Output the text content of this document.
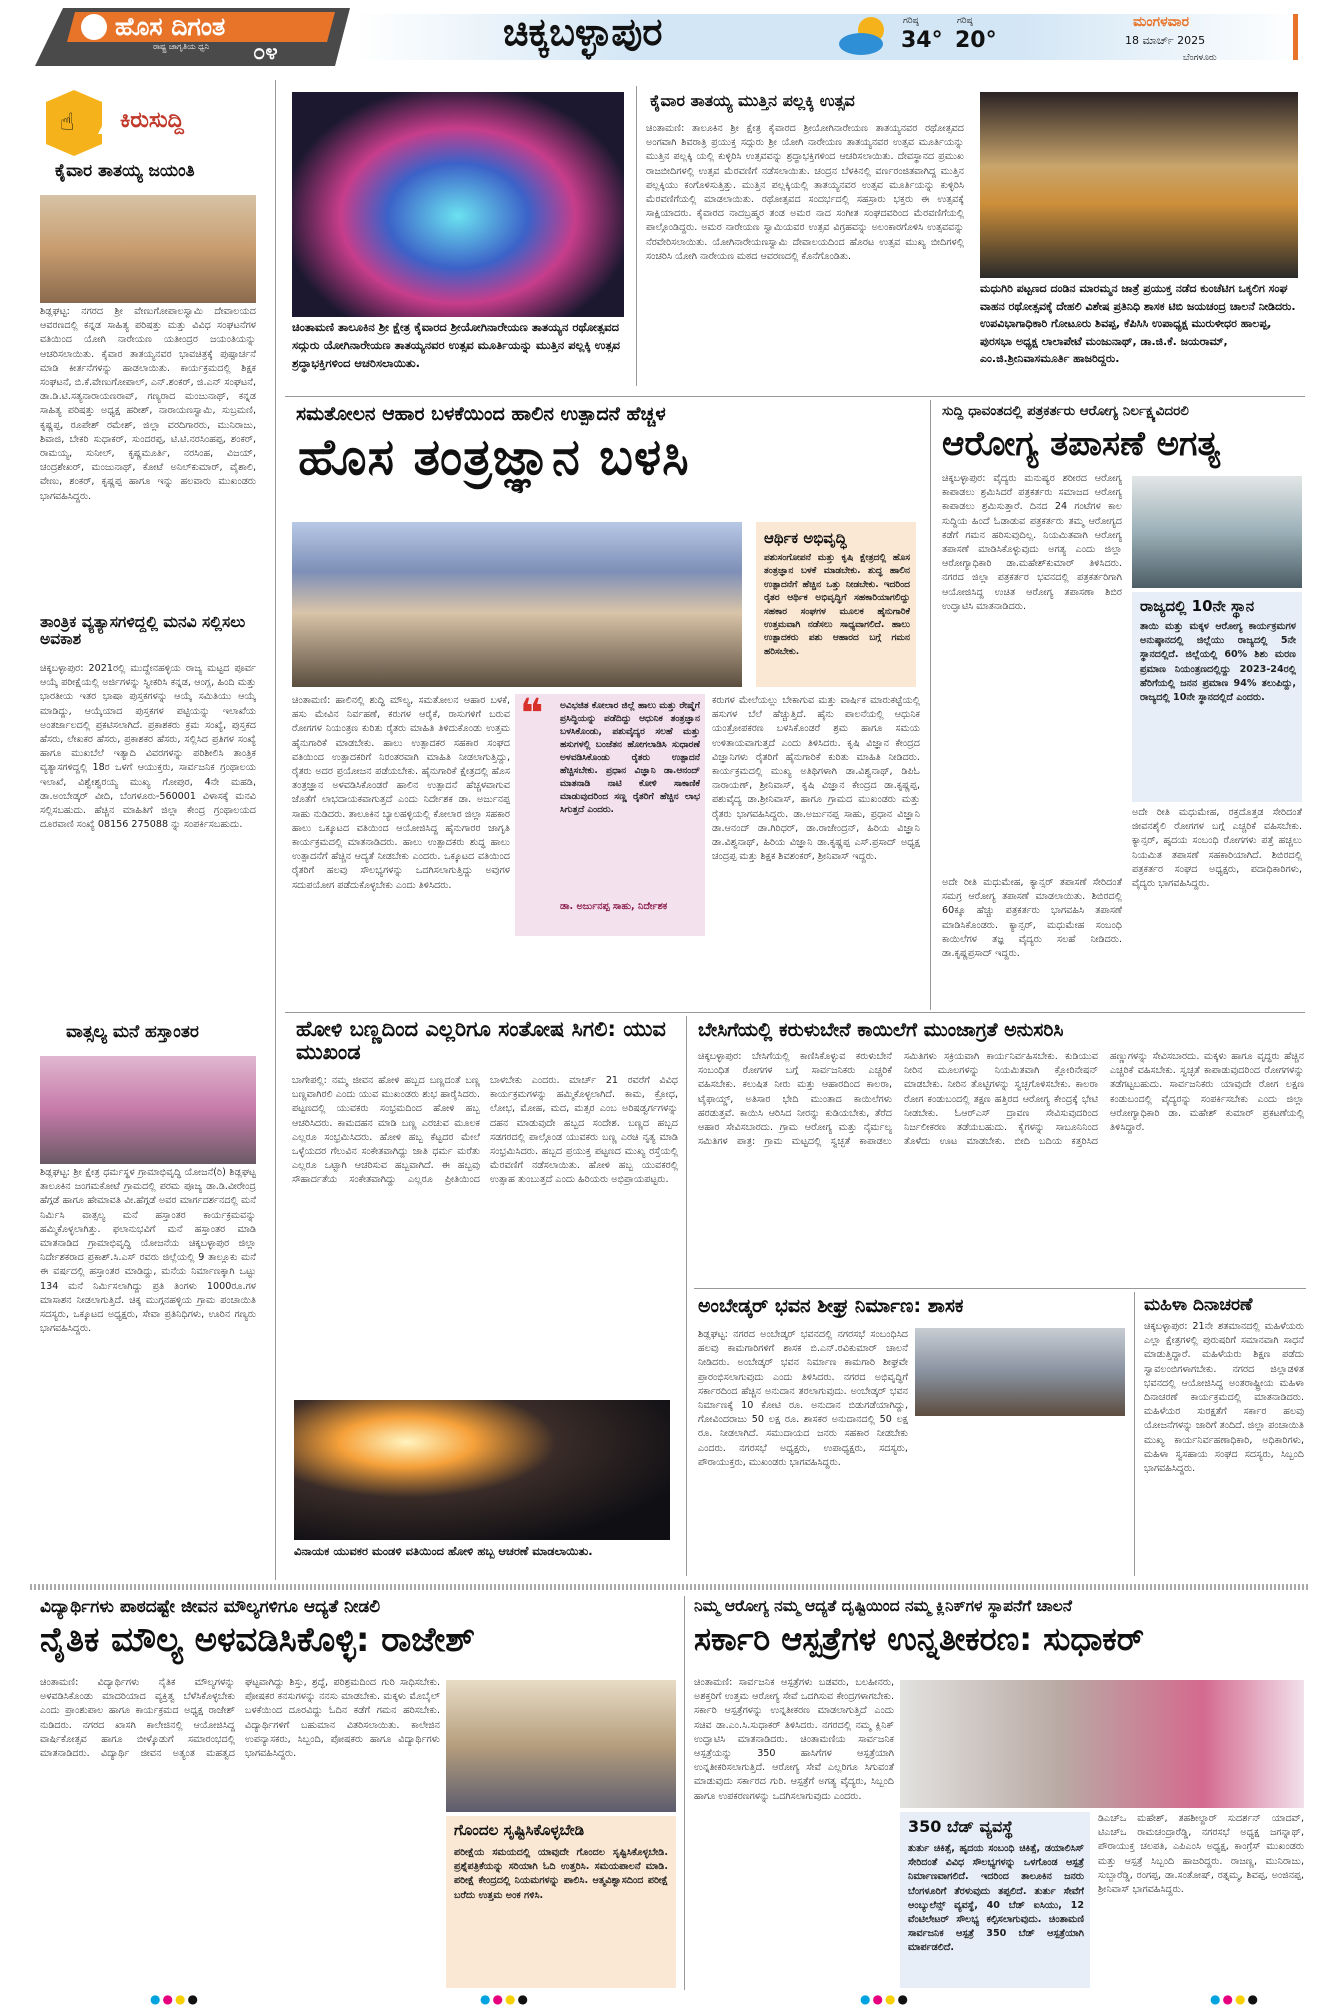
ಹೊಸ ದಿಗಂತ
ರಾಷ್ಟ್ರ ಜಾಗೃತಿಯ ಧ್ವನಿ ೦೪	ಚಿಕ್ಕಬಳ್ಳಾಪುರ	ಗರಿಷ್ಠ
34°
ಗರಿಷ್ಠ
20°
ಮಂಗಳವಾರ
18 ಮಾರ್ಚ್ 2025
ಬೆಂಗಳೂರು
☝ ಕಿರುಸುದ್ದಿ
ಕೈವಾರ ತಾತಯ್ಯ ಜಯಂತಿ
ಶಿಡ್ಲಘಟ್ಟ: ನಗರದ ಶ್ರೀ ವೇಣುಗೋಪಾಲಸ್ವಾಮಿ ದೇವಾಲಯದ ಆವರಣದಲ್ಲಿ ಕನ್ನಡ ಸಾಹಿತ್ಯ ಪರಿಷತ್ತು ಮತ್ತು ವಿವಿಧ ಸಂಘಟನೆಗಳ ವತಿಯಿಂದ ಯೋಗಿ ನಾರೇಯಣ ಯತೀಂದ್ರರ ಜಯಂತಿಯನ್ನು ಆಚರಿಸಲಾಯಿತು. ಕೈವಾರ ತಾತಯ್ಯನವರ ಭಾವಚಿತ್ರಕ್ಕೆ ಪುಷ್ಪಾರ್ಚನೆ ಮಾಡಿ ಕೀರ್ತನೆಗಳನ್ನು ಹಾಡಲಾಯಿತು. ಕಾರ್ಯಕ್ರಮದಲ್ಲಿ ಶಿಕ್ಷಕ ಸಂಘಟನೆ, ಬಿ.ಕೆ.ವೇಣುಗೋಪಾಲ್, ಎನ್.ಶಂಕರ್, ಜಿ.ಎನ್ ಸಂಘಟನೆ, ಡಾ.ಡಿ.ಟಿ.ಸತ್ಯನಾರಾಯಣರಾವ್, ಗಣ್ಯರಾದ ಮಂಜುನಾಥ್, ಕನ್ನಡ ಸಾಹಿತ್ಯ ಪರಿಷತ್ತು ಅಧ್ಯಕ್ಷ ಹರೀಶ್, ನಾರಾಯಣಸ್ವಾಮಿ, ಸುಬ್ರಮಣಿ, ಕೃಷ್ಣಪ್ಪ, ರೂಪೇಶ್ ರಮೇಶ್, ಜಿಲ್ಲಾ ವರದಿಗಾರರು, ಮುನಿರಾಜು, ಶಿವಾಜಿ, ಬೇಕರಿ ಸುಧಾಕರ್, ಸುಂದರಪ್ಪ, ಟಿ.ಟಿ.ನರಸಿಂಹಪ್ಪ, ಶಂಕರ್, ರಾಮಯ್ಯ, ಸುನೀಲ್, ಕೃಷ್ಣಮೂರ್ತಿ, ನರಸಿಂಹ, ವಿಜಯ್, ಚಂದ್ರಶೇಖರ್, ಮಂಜುನಾಥ್, ಕೋಟೆ ಅನಿಲ್‌ಕುಮಾರ್, ವೈಶಾಲಿ, ವೇಣು, ಶಂಕರ್, ಕೃಷ್ಣಪ್ಪ ಹಾಗೂ ಇನ್ನು ಹಲವಾರು ಮುಖಂಡರು ಭಾಗವಹಿಸಿದ್ದರು.
ತಾಂತ್ರಿಕ ವ್ಯತ್ಯಾಸಗಳಿದ್ದಲ್ಲಿ ಮನವಿ ಸಲ್ಲಿಸಲು ಅವಕಾಶ
ಚಿಕ್ಕಬಳ್ಳಾಪುರ: 2021ರಲ್ಲಿ ಮುದ್ದೇನಹಳ್ಳಿಯ ರಾಜ್ಯ ಮಟ್ಟದ ಪೂರ್ವ ಆಯ್ಕೆ ಪರೀಕ್ಷೆಯಲ್ಲಿ ಅರ್ಜಿಗಳನ್ನು ಸ್ವೀಕರಿಸಿ ಕನ್ನಡ, ಆಂಗ್ಲ, ಹಿಂದಿ ಮತ್ತು ಭಾರತೀಯ ಇತರ ಭಾಷಾ ಪುಸ್ತಕಗಳನ್ನು ಆಯ್ಕೆ ಸಮಿತಿಯು ಆಯ್ಕೆ ಮಾಡಿದ್ದು, ಆಯ್ಕೆಯಾದ ಪುಸ್ತಕಗಳ ಪಟ್ಟಿಯನ್ನು ಇಲಾಖೆಯ ಅಂತರ್ಜಾಲದಲ್ಲಿ ಪ್ರಕಟಿಸಲಾಗಿದೆ. ಪ್ರಕಾಶಕರು ಕ್ರಮ ಸಂಖ್ಯೆ, ಪುಸ್ತಕದ ಹೆಸರು, ಲೇಖಕರ ಹೆಸರು, ಪ್ರಕಾಶಕರ ಹೆಸರು, ಸಲ್ಲಿಸಿದ ಪ್ರತಿಗಳ ಸಂಖ್ಯೆ ಹಾಗೂ ಮುಖಬೆಲೆ ಇತ್ಯಾದಿ ವಿವರಗಳನ್ನು ಪರಿಶೀಲಿಸಿ ತಾಂತ್ರಿಕ ವ್ಯತ್ಯಾಸಗಳಿದ್ದಲ್ಲಿ 18ರ ಒಳಗೆ ಆಯುಕ್ತರು, ಸಾರ್ವಜನಿಕ ಗ್ರಂಥಾಲಯ ಇಲಾಖೆ, ವಿಶ್ವೇಶ್ವರಯ್ಯ ಮುಖ್ಯ ಗೋಪುರ, 4ನೇ ಮಹಡಿ, ಡಾ.ಅಂಬೇಡ್ಕರ್ ವೀದಿ, ಬೆಂಗಳೂರು-560001 ವಿಳಾಸಕ್ಕೆ ಮನವಿ ಸಲ್ಲಿಸಬಹುದು. ಹೆಚ್ಚಿನ ಮಾಹಿತಿಗೆ ಜಿಲ್ಲಾ ಕೇಂದ್ರ ಗ್ರಂಥಾಲಯದ ದೂರವಾಣಿ ಸಂಖ್ಯೆ 08156 275088 ನ್ನು ಸಂಪರ್ಕಿಸಬಹುದು.
ವಾತ್ಸಲ್ಯ ಮನೆ ಹಸ್ತಾಂತರ
ಶಿಡ್ಲಘಟ್ಟ: ಶ್ರೀ ಕ್ಷೇತ್ರ ಧರ್ಮಸ್ಥಳ ಗ್ರಾಮಾಭಿವೃದ್ಧಿ ಯೋಜನೆ(ರಿ) ಶಿಡ್ಲಘಟ್ಟ ತಾಲೂಕಿನ ಜಂಗಮಕೋಟೆ ಗ್ರಾಮದಲ್ಲಿ ಪರಮ ಪೂಜ್ಯ ಡಾ.ಡಿ.ವೀರೇಂದ್ರ ಹೆಗ್ಗಡೆ ಹಾಗೂ ಹೇಮಾವತಿ ವೀ.ಹೆಗ್ಗಡೆ ಅವರ ಮಾರ್ಗದರ್ಶನದಲ್ಲಿ ಮನೆ ನಿರ್ಮಿಸಿ ವಾತ್ಸಲ್ಯ ಮನೆ ಹಸ್ತಾಂತರ ಕಾರ್ಯಕ್ರಮವನ್ನು ಹಮ್ಮಿಕೊಳ್ಳಲಾಗಿತ್ತು. ಫಲಾನುಭವಿಗೆ ಮನೆ ಹಸ್ತಾಂತರ ಮಾಡಿ ಮಾತನಾಡಿದ ಗ್ರಾಮಾಭಿವೃದ್ಧಿ ಯೋಜನೆಯ ಚಿಕ್ಕಬಳ್ಳಾಪುರ ಜಿಲ್ಲಾ ನಿರ್ದೇಶಕರಾದ ಪ್ರಕಾಶ್.ಸಿ.ಎಸ್ ರವರು ಜಿಲ್ಲೆಯಲ್ಲಿ 9 ತಾಲ್ಲೂಕು ಮನೆ ಈ ವರ್ಷದಲ್ಲಿ ಹಸ್ತಾಂತರ ಮಾಡಿದ್ದು, ಮನೆಯ ನಿರ್ಮಾಣಕ್ಕಾಗಿ ಒಟ್ಟು 134 ಮನೆ ನಿರ್ಮಿಸಲಾಗಿದ್ದು ಪ್ರತಿ ತಿಂಗಳು 1000ರೂ.ಗಳ ಮಾಸಾಶನ ನೀಡಲಾಗುತ್ತಿದೆ. ಚಿಕ್ಕ ಮುಗ್ಗನಹಳ್ಳಿಯ ಗ್ರಾಮ ಪಂಚಾಯಿತಿ ಸದಸ್ಯರು, ಒಕ್ಕೂಟದ ಅಧ್ಯಕ್ಷರು, ಸೇವಾ ಪ್ರತಿನಿಧಿಗಳು, ಊರಿನ ಗಣ್ಯರು ಭಾಗವಹಿಸಿದ್ದರು.
ಚಿಂತಾಮಣಿ ತಾಲೂಕಿನ ಶ್ರೀ ಕ್ಷೇತ್ರ ಕೈವಾರದ ಶ್ರೀಯೋಗಿನಾರೇಯಣ ತಾತಯ್ಯನ ರಥೋತ್ಸವದ ಸದ್ಗುರು ಯೋಗಿನಾರೇಯಣ ತಾತಯ್ಯನವರ ಉತ್ಸವ ಮೂರ್ತಿಯನ್ನು ಮುತ್ತಿನ ಪಲ್ಲಕ್ಕಿ ಉತ್ಸವ ಶ್ರದ್ಧಾಭಕ್ತಿಗಳಿಂದ ಆಚರಿಸಲಾಯಿತು.
ಕೈವಾರ ತಾತಯ್ಯ ಮುತ್ತಿನ ಪಲ್ಲಕ್ಕಿ ಉತ್ಸವ
ಚಿಂತಾಮಣಿ: ತಾಲೂಕಿನ ಶ್ರೀ ಕ್ಷೇತ್ರ ಕೈವಾರದ ಶ್ರೀಯೋಗಿನಾರೇಯಣ ತಾತಯ್ಯನವರ ರಥೋತ್ಸವದ ಅಂಗವಾಗಿ ಶಿವರಾತ್ರಿ ಪ್ರಯುಕ್ತ ಸದ್ಗುರು ಶ್ರೀ ಯೋಗಿ ನಾರೇಯಣ ತಾತಯ್ಯನವರ ಉತ್ಸವ ಮೂರ್ತಿಯನ್ನು ಮುತ್ತಿನ ಪಲ್ಲಕ್ಕಿ ಯಲ್ಲಿ ಕುಳ್ಳಿರಿಸಿ ಉತ್ಸವವನ್ನು ಶ್ರದ್ಧಾಭಕ್ತಿಗಳಿಂದ ಆಚರಿಸಲಾಯಿತು. ದೇವಸ್ಥಾನದ ಪ್ರಮುಖ ರಾಜಬೀದಿಗಳಲ್ಲಿ ಉತ್ಸವ ಮೆರವಣಿಗೆ ನಡೆಸಲಾಯಿತು. ಚಂದ್ರನ ಬೆಳಕಿನಲ್ಲಿ ವರ್ಣರಂಜಿತವಾಗಿದ್ದ ಮುತ್ತಿನ ಪಲ್ಲಕ್ಕಿಯು ಕಂಗೊಳಿಸುತ್ತಿತ್ತು. ಮುತ್ತಿನ ಪಲ್ಲಕ್ಕಿಯಲ್ಲಿ ತಾತಯ್ಯನವರ ಉತ್ಸವ ಮೂರ್ತಿಯನ್ನು ಕುಳ್ಳಿರಿಸಿ ಮೆರವಣಿಗೆಯಲ್ಲಿ ಮಾಡಲಾಯಿತು. ರಥೋತ್ಸವದ ಸಂದರ್ಭದಲ್ಲಿ ಸಹಸ್ರಾರು ಭಕ್ತರು ಈ ಉತ್ಸವಕ್ಕೆ ಸಾಕ್ಷಿಯಾದರು. ಕೈವಾರದ ನಾದಬ್ರಹ್ಮರ ತಂಡ ಅಮರ ನಾದ ಸಂಗೀತ ಸಂಘದವರಿಂದ ಮೆರವಣಿಗೆಯಲ್ಲಿ ಪಾಲ್ಗೊಂಡಿದ್ದರು. ಅಮರ ನಾರೇಯಣ ಸ್ವಾಮಿಯವರ ಉತ್ಸವ ವಿಗ್ರಹವನ್ನು ಅಲಂಕಾರಗೊಳಿಸಿ ಉತ್ಸವವನ್ನು ನೆರವೇರಿಸಲಾಯಿತು. ಯೋಗಿನಾರೇಯಣಸ್ವಾಮಿ ದೇವಾಲಯದಿಂದ ಹೊರಟ ಉತ್ಸವ ಮುಖ್ಯ ಬೀದಿಗಳಲ್ಲಿ ಸಂಚರಿಸಿ ಯೋಗಿ ನಾರೇಯಣ ಮಠದ ಆವರಣದಲ್ಲಿ ಕೊನೆಗೊಂಡಿತು.
ಮಧುಗಿರಿ ಪಟ್ಟಣದ ದಂಡಿನ ಮಾರಮ್ಮನ ಜಾತ್ರೆ ಪ್ರಯುಕ್ತ ನಡೆದ ಕುಂಚೆಟಿಗ ಒಕ್ಕಲಿಗ ಸಂಘ ವಾಹನ ರಥೋತ್ಸವಕ್ಕೆ ದೇಹಲಿ ವಿಶೇಷ ಪ್ರತಿನಿಧಿ ಶಾಸಕ ಟಿಬಿ ಜಯಚಂದ್ರ ಚಾಲನೆ ನೀಡಿದರು. ಉಪವಿಭಾಗಾಧಿಕಾರಿ ಗೋಟೂರು ಶಿವಪ್ಪ, ಕೆಪಿಸಿಸಿ ಉಪಾಧ್ಯಕ್ಷ ಮುರುಳೀಧರ ಹಾಲಪ್ಪ, ಪುರಸಭಾ ಅಧ್ಯಕ್ಷ ಲಾಲಾಪೇಟೆ ಮಂಜುನಾಥ್, ಡಾ.ಜಿ.ಕೆ. ಜಯರಾಮ್, ಎಂ.ಜಿ.ಶ್ರೀನಿವಾಸಮೂರ್ತಿ ಹಾಜರಿದ್ದರು.
ಸಮತೋಲನ ಆಹಾರ ಬಳಕೆಯಿಂದ ಹಾಲಿನ ಉತ್ಪಾದನೆ ಹೆಚ್ಚಳ
ಹೊಸ ತಂತ್ರಜ್ಞಾನ ಬಳಸಿ
ಆರ್ಥಿಕ ಅಭಿವೃದ್ಧಿ
ಪಶುಸಂಗೋಪನೆ ಮತ್ತು ಕೃಷಿ ಕ್ಷೇತ್ರದಲ್ಲಿ ಹೊಸ ತಂತ್ರಜ್ಞಾನ ಬಳಕೆ ಮಾಡಬೇಕು. ಶುದ್ಧ ಹಾಲಿನ ಉತ್ಪಾದನೆಗೆ ಹೆಚ್ಚಿನ ಒತ್ತು ನೀಡಬೇಕು. ಇದರಿಂದ ರೈತರ ಆರ್ಥಿಕ ಅಭಿವೃದ್ಧಿಗೆ ಸಹಕಾರಿಯಾಗಲಿದ್ದು ಸಹಕಾರ ಸಂಘಗಳ ಮೂಲಕ ಹೈನುಗಾರಿಕೆ ಉತ್ತಮವಾಗಿ ನಡೆಸಲು ಸಾಧ್ಯವಾಗಲಿದೆ. ಹಾಲು ಉತ್ಪಾದಕರು ಪಶು ಆಹಾರದ ಬಗ್ಗೆ ಗಮನ ಹರಿಸಬೇಕು.
ಚಿಂತಾಮಣಿ: ಹಾಲಿನಲ್ಲಿ ಶುದ್ಧಿ ಮೌಲ್ಯ, ಸಮತೋಲನ ಆಹಾರ ಬಳಕೆ, ಹಸು ಮೇವಿನ ನಿರ್ವಹಣೆ, ಕರುಗಳ ಆರೈಕೆ, ರಾಸುಗಳಿಗೆ ಬರುವ ರೋಗಗಳ ನಿಯಂತ್ರಣ ಕುರಿತು ರೈತರು ಮಾಹಿತಿ ತಿಳಿದುಕೊಂಡು ಉತ್ತಮ ಹೈನುಗಾರಿಕೆ ಮಾಡಬೇಕು. ಹಾಲು ಉತ್ಪಾದಕರ ಸಹಕಾರ ಸಂಘದ ವತಿಯಿಂದ ಉತ್ಪಾದಕರಿಗೆ ನಿರಂತರವಾಗಿ ಮಾಹಿತಿ ನೀಡಲಾಗುತ್ತಿದ್ದು, ರೈತರು ಅದರ ಪ್ರಯೋಜನ ಪಡೆಯಬೇಕು. ಹೈನುಗಾರಿಕೆ ಕ್ಷೇತ್ರದಲ್ಲಿ ಹೊಸ ತಂತ್ರಜ್ಞಾನ ಅಳವಡಿಸಿಕೊಂಡರೆ ಹಾಲಿನ ಉತ್ಪಾದನೆ ಹೆಚ್ಚಳವಾಗುವ ಜೊತೆಗೆ ಲಾಭದಾಯಕವಾಗುತ್ತದೆ ಎಂದು ನಿರ್ದೇಶಕ ಡಾ. ಅರ್ಜುನಪ್ಪ ಸಾಹು ನುಡಿದರು. ತಾಲೂಕಿನ ಬ್ಯಾಲಹಳ್ಳಿಯಲ್ಲಿ ಕೋಲಾರ ಜಿಲ್ಲಾ ಸಹಕಾರ ಹಾಲು ಒಕ್ಕೂಟದ ವತಿಯಿಂದ ಆಯೋಜಿಸಿದ್ದ ಹೈನುಗಾರರ ಜಾಗೃತಿ ಕಾರ್ಯಕ್ರಮದಲ್ಲಿ ಮಾತನಾಡಿದರು. ಹಾಲು ಉತ್ಪಾದಕರು ಶುದ್ಧ ಹಾಲು ಉತ್ಪಾದನೆಗೆ ಹೆಚ್ಚಿನ ಆದ್ಯತೆ ನೀಡಬೇಕು ಎಂದರು. ಒಕ್ಕೂಟದ ವತಿಯಿಂದ ರೈತರಿಗೆ ಹಲವು ಸೌಲಭ್ಯಗಳನ್ನು ಒದಗಿಸಲಾಗುತ್ತಿದ್ದು ಅವುಗಳ ಸದುಪಯೋಗ ಪಡೆದುಕೊಳ್ಳಬೇಕು ಎಂದು ತಿಳಿಸಿದರು.
❝ ಅವಿಭಜಿತ ಕೋಲಾರ ಜಿಲ್ಲೆ ಹಾಲು ಮತ್ತು ರೇಷ್ಮೆಗೆ ಪ್ರಸಿದ್ಧಿಯನ್ನು ಪಡೆದಿದ್ದು ಆಧುನಿಕ ತಂತ್ರಜ್ಞಾನ ಬಳಸಿಕೊಂಡು, ಪಶುವೈದ್ಯರ ಸಲಹೆ ಮತ್ತು ಹಸುಗಳಲ್ಲಿ ಬಂಜೆತನ ಹೋಗಲಾಡಿಸಿ ಸುಧಾರಣೆ ಅಳವಡಿಸಿಕೊಂಡು ರೈತರು ಉತ್ಪಾದನೆ ಹೆಚ್ಚಿಸಬೇಕು. ಪ್ರಧಾನ ವಿಜ್ಞಾನಿ ಡಾ.ಆನಂದ್ ಮಾತನಾಡಿ ನಾಟಿ ಕೋಳಿ ಸಾಕಾಣಿಕೆ ಮಾಡುವುದರಿಂದ ಸಣ್ಣ ರೈತರಿಗೆ ಹೆಚ್ಚಿನ ಲಾಭ ಸಿಗುತ್ತದೆ ಎಂದರು.
ಡಾ. ಅರ್ಜುನಪ್ಪ ಸಾಹು, ನಿರ್ದೇಶಕ
ಕರುಗಳ ಮೇಲೆಯಲ್ಲು ಬೇಕಾಗುವ ಮತ್ತು ವಾರ್ಷಿಕ ಮಾರುಕಟ್ಟೆಯಲ್ಲಿ ಹಸುಗಳ ಬೆಲೆ ಹೆಚ್ಚುತ್ತಿದೆ. ಹೈನು ಪಾಲನೆಯಲ್ಲಿ ಆಧುನಿಕ ಯಂತ್ರೋಪಕರಣ ಬಳಸಿಕೊಂಡರೆ ಶ್ರಮ ಹಾಗೂ ಸಮಯ ಉಳಿತಾಯವಾಗುತ್ತದೆ ಎಂದು ತಿಳಿಸಿದರು. ಕೃಷಿ ವಿಜ್ಞಾನ ಕೇಂದ್ರದ ವಿಜ್ಞಾನಿಗಳು ರೈತರಿಗೆ ಹೈನುಗಾರಿಕೆ ಕುರಿತು ಮಾಹಿತಿ ನೀಡಿದರು. ಕಾರ್ಯಕ್ರಮದಲ್ಲಿ ಮುಖ್ಯ ಅತಿಥಿಗಳಾಗಿ ಡಾ.ವಿಶ್ವನಾಥ್, ಡಿಪಿಓ ನಾರಾಯಣ್, ಶ್ರೀನಿವಾಸ್, ಕೃಷಿ ವಿಜ್ಞಾನ ಕೇಂದ್ರದ ಡಾ.ಕೃಷ್ಣಪ್ಪ, ಪಶುವೈದ್ಯ ಡಾ.ಶ್ರೀನಿವಾಸ್, ಹಾಗೂ ಗ್ರಾಮದ ಮುಖಂಡರು ಮತ್ತು ರೈತರು ಭಾಗವಹಿಸಿದ್ದರು. ಡಾ.ಅರ್ಜುನಪ್ಪ ಸಾಹು, ಪ್ರಧಾನ ವಿಜ್ಞಾನಿ ಡಾ.ಆನಂದ್ ಡಾ.ಗಿರಿಧರ್, ಡಾ.ರಾಜೇಂದ್ರನ್, ಹಿರಿಯ ವಿಜ್ಞಾನಿ ಡಾ.ವಿಶ್ವನಾಥ್, ಹಿರಿಯ ವಿಜ್ಞಾನಿ ಡಾ.ಕೃಷ್ಣಪ್ಪ ಎಸ್.ಪ್ರಸಾದ್ ಅಧ್ಯಕ್ಷ ಚಂದ್ರಪ್ಪ ಮತ್ತು ಶಿಕ್ಷಕ ಶಿವಶಂಕರ್, ಶ್ರೀನಿವಾಸ್ ಇದ್ದರು.
ಸುದ್ದಿ ಧಾವಂತದಲ್ಲಿ ಪತ್ರಕರ್ತರು ಆರೋಗ್ಯ ನಿರ್ಲಕ್ಷ್ಯವಿದರಲಿ
ಆರೋಗ್ಯ ತಪಾಸಣೆ ಅಗತ್ಯ
ಚಿಕ್ಕಬಳ್ಳಾಪುರ: ವೈದ್ಯರು ಮನುಷ್ಯರ ಶರೀರದ ಆರೋಗ್ಯ ಕಾಪಾಡಲು ಶ್ರಮಿಸಿದರೆ ಪತ್ರಕರ್ತರು ಸಮಾಜದ ಆರೋಗ್ಯ ಕಾಪಾಡಲು ಶ್ರಮಿಸುತ್ತಾರೆ. ದಿನದ 24 ಗಂಟೆಗಳ ಕಾಲ ಸುದ್ದಿಯ ಹಿಂದೆ ಓಡಾಡುವ ಪತ್ರಕರ್ತರು ತಮ್ಮ ಆರೋಗ್ಯದ ಕಡೆಗೆ ಗಮನ ಹರಿಸುವುದಿಲ್ಲ. ನಿಯಮಿತವಾಗಿ ಆರೋಗ್ಯ ತಪಾಸಣೆ ಮಾಡಿಸಿಕೊಳ್ಳುವುದು ಅಗತ್ಯ ಎಂದು ಜಿಲ್ಲಾ ಆರೋಗ್ಯಾಧಿಕಾರಿ ಡಾ.ಮಹೇಶ್‌ಕುಮಾರ್ ತಿಳಿಸಿದರು. ನಗರದ ಜಿಲ್ಲಾ ಪತ್ರಕರ್ತರ ಭವನದಲ್ಲಿ ಪತ್ರಕರ್ತರಿಗಾಗಿ ಆಯೋಜಿಸಿದ್ದ ಉಚಿತ ಆರೋಗ್ಯ ತಪಾಸಣಾ ಶಿಬಿರ ಉದ್ಘಾಟಿಸಿ ಮಾತನಾಡಿದರು.	ರಾಜ್ಯದಲ್ಲಿ 10ನೇ ಸ್ಥಾನ
ತಾಯಿ ಮತ್ತು ಮಕ್ಕಳ ಆರೋಗ್ಯ ಕಾರ್ಯಕ್ರಮಗಳ ಅನುಷ್ಠಾನದಲ್ಲಿ ಜಿಲ್ಲೆಯು ರಾಜ್ಯದಲ್ಲಿ 5ನೇ ಸ್ಥಾನದಲ್ಲಿದೆ. ಜಿಲ್ಲೆಯಲ್ಲಿ 60% ಶಿಶು ಮರಣ ಪ್ರಮಾಣ ನಿಯಂತ್ರಣದಲ್ಲಿದ್ದು 2023-24ರಲ್ಲಿ ಹೆರಿಗೆಯಲ್ಲಿ ಜನನ ಪ್ರಮಾಣ 94% ತಲುಪಿದ್ದು, ರಾಜ್ಯದಲ್ಲಿ 10ನೇ ಸ್ಥಾನದಲ್ಲಿದೆ ಎಂದರು.
ಅದೇ ರೀತಿ ಮಧುಮೇಹ, ರಕ್ತದೊತ್ತಡ ಸೇರಿದಂತೆ ಜೀವನಶೈಲಿ ರೋಗಗಳ ಬಗ್ಗೆ ಎಚ್ಚರಿಕೆ ವಹಿಸಬೇಕು. ಕ್ಯಾನ್ಸರ್, ಹೃದಯ ಸಂಬಂಧಿ ರೋಗಗಳು ಪತ್ತೆ ಹಚ್ಚಲು ನಿಯಮಿತ ತಪಾಸಣೆ ಸಹಕಾರಿಯಾಗಿದೆ. ಶಿಬಿರದಲ್ಲಿ ಪತ್ರಕರ್ತರ ಸಂಘದ ಅಧ್ಯಕ್ಷರು, ಪದಾಧಿಕಾರಿಗಳು, ವೈದ್ಯರು ಭಾಗವಹಿಸಿದ್ದರು.
ಅದೇ ರೀತಿ ಮಧುಮೇಹ, ಕ್ಯಾನ್ಸರ್ ತಪಾಸಣೆ ಸೇರಿದಂತೆ ಸಮಗ್ರ ಆರೋಗ್ಯ ತಪಾಸಣೆ ಮಾಡಲಾಯಿತು. ಶಿಬಿರದಲ್ಲಿ 60ಕ್ಕೂ ಹೆಚ್ಚು ಪತ್ರಕರ್ತರು ಭಾಗವಹಿಸಿ ತಪಾಸಣೆ ಮಾಡಿಸಿಕೊಂಡರು. ಕ್ಯಾನ್ಸರ್, ಮಧುಮೇಹ ಸಂಬಂಧಿ ಕಾಯಿಲೆಗಳ ತಜ್ಞ ವೈದ್ಯರು ಸಲಹೆ ನೀಡಿದರು. ಡಾ.ಕೃಷ್ಣಪ್ರಸಾದ್ ಇದ್ದರು.
ಹೋಳಿ ಬಣ್ಣದಿಂದ ಎಲ್ಲರಿಗೂ ಸಂತೋಷ ಸಿಗಲಿ: ಯುವ ಮುಖಂಡ
ಬಾಗೇಪಲ್ಲಿ: ನಮ್ಮ ಜೀವನ ಹೋಳಿ ಹಬ್ಬದ ಬಣ್ಣದಂತೆ ಬಣ್ಣ ಬಣ್ಣವಾಗಿರಲಿ ಎಂದು ಯುವ ಮುಖಂಡರು ಶುಭ ಹಾರೈಸಿದರು. ಪಟ್ಟಣದಲ್ಲಿ ಯುವಕರು ಸಂಭ್ರಮದಿಂದ ಹೋಳಿ ಹಬ್ಬ ಆಚರಿಸಿದರು. ಕಾಮದಹನ ಮಾಡಿ ಬಣ್ಣ ಎರಚುವ ಮೂಲಕ ಎಲ್ಲರೂ ಸಂಭ್ರಮಿಸಿದರು. ಹೋಳಿ ಹಬ್ಬ ಕೆಟ್ಟದರ ಮೇಲೆ ಒಳ್ಳೆಯದರ ಗೆಲುವಿನ ಸಂಕೇತವಾಗಿದ್ದು ಜಾತಿ ಧರ್ಮ ಮರೆತು ಎಲ್ಲರೂ ಒಟ್ಟಾಗಿ ಆಚರಿಸುವ ಹಬ್ಬವಾಗಿದೆ. ಈ ಹಬ್ಬವು ಸೌಹಾರ್ದತೆಯ ಸಂಕೇತವಾಗಿದ್ದು ಎಲ್ಲರೂ ಪ್ರೀತಿಯಿಂದ ಬಾಳಬೇಕು ಎಂದರು. ಮಾರ್ಚ್ 21 ರವರೆಗೆ ವಿವಿಧ ಕಾರ್ಯಕ್ರಮಗಳನ್ನು ಹಮ್ಮಿಕೊಳ್ಳಲಾಗಿದೆ. ಕಾಮ, ಕ್ರೋಧ, ಲೋಭ, ಮೋಹ, ಮದ, ಮತ್ಸರ ಎಂಬ ಅರಿಷಡ್ವರ್ಗಗಳನ್ನು ದಹನ ಮಾಡುವುದೇ ಹಬ್ಬದ ಸಂದೇಶ. ಬಣ್ಣದ ಹಬ್ಬದ ಸಡಗರದಲ್ಲಿ ಪಾಲ್ಗೊಂಡ ಯುವಕರು ಬಣ್ಣ ಎರಚಿ ನೃತ್ಯ ಮಾಡಿ ಸಂಭ್ರಮಿಸಿದರು. ಹಬ್ಬದ ಪ್ರಯುಕ್ತ ಪಟ್ಟಣದ ಮುಖ್ಯ ರಸ್ತೆಯಲ್ಲಿ ಮೆರವಣಿಗೆ ನಡೆಸಲಾಯಿತು. ಹೋಳಿ ಹಬ್ಬ ಯುವಕರಲ್ಲಿ ಉತ್ಸಾಹ ತುಂಬುತ್ತದೆ ಎಂದು ಹಿರಿಯರು ಅಭಿಪ್ರಾಯಪಟ್ಟರು.
ವಿನಾಯಕ ಯುವಕರ ಮಂಡಳಿ ವತಿಯಿಂದ ಹೋಳಿ ಹಬ್ಬ ಆಚರಣೆ ಮಾಡಲಾಯಿತು.
ಬೇಸಿಗೆಯಲ್ಲಿ ಕರುಳುಬೇನೆ ಕಾಯಿಲೆಗೆ ಮುಂಜಾಗ್ರತೆ ಅನುಸರಿಸಿ
ಚಿಕ್ಕಬಳ್ಳಾಪುರ: ಬೇಸಿಗೆಯಲ್ಲಿ ಕಾಣಿಸಿಕೊಳ್ಳುವ ಕರುಳುಬೇನೆ ಸಂಬಂಧಿತ ರೋಗಗಳ ಬಗ್ಗೆ ಸಾರ್ವಜನಿಕರು ಎಚ್ಚರಿಕೆ ವಹಿಸಬೇಕು. ಕಲುಷಿತ ನೀರು ಮತ್ತು ಆಹಾರದಿಂದ ಕಾಲರಾ, ಟೈಫಾಯ್ಡ್, ಅತಿಸಾರ ಭೇದಿ ಮುಂತಾದ ಕಾಯಿಲೆಗಳು ಹರಡುತ್ತವೆ. ಕಾಯಿಸಿ ಆರಿಸಿದ ನೀರನ್ನು ಕುಡಿಯಬೇಕು, ತೆರೆದ ಆಹಾರ ಸೇವಿಸಬಾರದು. ಗ್ರಾಮ ಆರೋಗ್ಯ ಮತ್ತು ನೈರ್ಮಲ್ಯ ಸಮಿತಿಗಳ ಪಾತ್ರ: ಗ್ರಾಮ ಮಟ್ಟದಲ್ಲಿ ಸ್ವಚ್ಛತೆ ಕಾಪಾಡಲು ಸಮಿತಿಗಳು ಸಕ್ರಿಯವಾಗಿ ಕಾರ್ಯನಿರ್ವಹಿಸಬೇಕು. ಕುಡಿಯುವ ನೀರಿನ ಮೂಲಗಳನ್ನು ನಿಯಮಿತವಾಗಿ ಕ್ಲೋರಿನೇಷನ್ ಮಾಡಬೇಕು. ನೀರಿನ ತೊಟ್ಟಿಗಳನ್ನು ಸ್ವಚ್ಛಗೊಳಿಸಬೇಕು. ಕಾಲರಾ ರೋಗ ಕಂಡುಬಂದಲ್ಲಿ ತಕ್ಷಣ ಹತ್ತಿರದ ಆರೋಗ್ಯ ಕೇಂದ್ರಕ್ಕೆ ಭೇಟಿ ನೀಡಬೇಕು. ಓಆರ್‌ಎಸ್ ದ್ರಾವಣ ಸೇವಿಸುವುದರಿಂದ ನಿರ್ಜಲೀಕರಣ ತಡೆಯಬಹುದು. ಕೈಗಳನ್ನು ಸಾಬೂನಿನಿಂದ ತೊಳೆದು ಊಟ ಮಾಡಬೇಕು. ಬೀದಿ ಬದಿಯ ಕತ್ತರಿಸಿದ ಹಣ್ಣುಗಳನ್ನು ಸೇವಿಸಬಾರದು. ಮಕ್ಕಳು ಹಾಗೂ ವೃದ್ಧರು ಹೆಚ್ಚಿನ ಎಚ್ಚರಿಕೆ ವಹಿಸಬೇಕು. ಸ್ವಚ್ಛತೆ ಕಾಪಾಡುವುದರಿಂದ ರೋಗಗಳನ್ನು ತಡೆಗಟ್ಟಬಹುದು. ಸಾರ್ವಜನಿಕರು ಯಾವುದೇ ರೋಗ ಲಕ್ಷಣ ಕಂಡುಬಂದಲ್ಲಿ ವೈದ್ಯರನ್ನು ಸಂಪರ್ಕಿಸಬೇಕು ಎಂದು ಜಿಲ್ಲಾ ಆರೋಗ್ಯಾಧಿಕಾರಿ ಡಾ. ಮಹೇಶ್ ಕುಮಾರ್ ಪ್ರಕಟಣೆಯಲ್ಲಿ ತಿಳಿಸಿದ್ದಾರೆ.
ಅಂಬೇಡ್ಕರ್ ಭವನ ಶೀಘ್ರ ನಿರ್ಮಾಣ: ಶಾಸಕ
ಶಿಡ್ಲಘಟ್ಟ: ನಗರದ ಅಂಬೇಡ್ಕರ್ ಭವನದಲ್ಲಿ ನಗರಸಭೆ ಸಂಬಂಧಿಸಿದ ಹಲವು ಕಾಮಗಾರಿಗಳಿಗೆ ಶಾಸಕ ಬಿ.ಎನ್.ರವಿಕುಮಾರ್ ಚಾಲನೆ ನೀಡಿದರು. ಅಂಬೇಡ್ಕರ್ ಭವನ ನಿರ್ಮಾಣ ಕಾಮಗಾರಿ ಶೀಘ್ರವೇ ಪ್ರಾರಂಭಿಸಲಾಗುವುದು ಎಂದು ತಿಳಿಸಿದರು. ನಗರದ ಅಭಿವೃದ್ಧಿಗೆ ಸರ್ಕಾರದಿಂದ ಹೆಚ್ಚಿನ ಅನುದಾನ ತರಲಾಗುವುದು. ಅಂಬೇಡ್ಕರ್ ಭವನ ನಿರ್ಮಾಣಕ್ಕೆ 10 ಕೋಟಿ ರೂ. ಅನುದಾನ ಬಿಡುಗಡೆಯಾಗಿದ್ದು, ಗೋವಿಂದರಾಜು 50 ಲಕ್ಷ ರೂ. ಶಾಸಕರ ಅನುದಾನದಲ್ಲಿ 50 ಲಕ್ಷ ರೂ. ನೀಡಲಾಗಿದೆ. ಸಮುದಾಯದ ಜನರು ಸಹಕಾರ ನೀಡಬೇಕು ಎಂದರು. ನಗರಸಭೆ ಅಧ್ಯಕ್ಷರು, ಉಪಾಧ್ಯಕ್ಷರು, ಸದಸ್ಯರು, ಪೌರಾಯುಕ್ತರು, ಮುಖಂಡರು ಭಾಗವಹಿಸಿದ್ದರು.
ಮಹಿಳಾ ದಿನಾಚರಣೆ
ಚಿಕ್ಕಬಳ್ಳಾಪುರ: 21ನೇ ಶತಮಾನದಲ್ಲಿ ಮಹಿಳೆಯರು ಎಲ್ಲಾ ಕ್ಷೇತ್ರಗಳಲ್ಲಿ ಪುರುಷರಿಗೆ ಸಮಾನವಾಗಿ ಸಾಧನೆ ಮಾಡುತ್ತಿದ್ದಾರೆ. ಮಹಿಳೆಯರು ಶಿಕ್ಷಣ ಪಡೆದು ಸ್ವಾವಲಂಬಿಗಳಾಗಬೇಕು. ನಗರದ ಜಿಲ್ಲಾಡಳಿತ ಭವನದಲ್ಲಿ ಆಯೋಜಿಸಿದ್ದ ಅಂತರಾಷ್ಟ್ರೀಯ ಮಹಿಳಾ ದಿನಾಚರಣೆ ಕಾರ್ಯಕ್ರಮದಲ್ಲಿ ಮಾತನಾಡಿದರು. ಮಹಿಳೆಯರ ಸುರಕ್ಷತೆಗೆ ಸರ್ಕಾರ ಹಲವು ಯೋಜನೆಗಳನ್ನು ಜಾರಿಗೆ ತಂದಿದೆ. ಜಿಲ್ಲಾ ಪಂಚಾಯಿತಿ ಮುಖ್ಯ ಕಾರ್ಯನಿರ್ವಹಣಾಧಿಕಾರಿ, ಅಧಿಕಾರಿಗಳು, ಮಹಿಳಾ ಸ್ವಸಹಾಯ ಸಂಘದ ಸದಸ್ಯರು, ಸಿಬ್ಬಂದಿ ಭಾಗವಹಿಸಿದ್ದರು.
ವಿದ್ಯಾರ್ಥಿಗಳು ಪಾಠದಷ್ಟೇ ಜೀವನ ಮೌಲ್ಯಗಳಿಗೂ ಆದ್ಯತೆ ನೀಡಲಿ
ನೈತಿಕ ಮೌಲ್ಯ ಅಳವಡಿಸಿಕೊಳ್ಳಿ: ರಾಜೇಶ್
ಚಿಂತಾಮಣಿ: ವಿದ್ಯಾರ್ಥಿಗಳು ನೈತಿಕ ಮೌಲ್ಯಗಳನ್ನು ಅಳವಡಿಸಿಕೊಂಡು ಮಾದರಿಯಾದ ವ್ಯಕ್ತಿತ್ವ ಬೆಳೆಸಿಕೊಳ್ಳಬೇಕು ಎಂದು ಪ್ರಾಂಶುಪಾಲ ಹಾಗೂ ಕಾರ್ಯಕ್ರಮದ ಅಧ್ಯಕ್ಷ ರಾಜೇಶ್ ನುಡಿದರು. ನಗರದ ಖಾಸಗಿ ಕಾಲೇಜಿನಲ್ಲಿ ಆಯೋಜಿಸಿದ್ದ ವಾರ್ಷಿಕೋತ್ಸವ ಹಾಗೂ ಬೀಳ್ಕೊಡುಗೆ ಸಮಾರಂಭದಲ್ಲಿ ಮಾತನಾಡಿದರು. ವಿದ್ಯಾರ್ಥಿ ಜೀವನ ಅತ್ಯಂತ ಮಹತ್ವದ ಘಟ್ಟವಾಗಿದ್ದು ಶಿಸ್ತು, ಶ್ರದ್ಧೆ, ಪರಿಶ್ರಮದಿಂದ ಗುರಿ ಸಾಧಿಸಬೇಕು. ಪೋಷಕರ ಕನಸುಗಳನ್ನು ನನಸು ಮಾಡಬೇಕು. ಮಕ್ಕಳು ಮೊಬೈಲ್ ಬಳಕೆಯಿಂದ ದೂರವಿದ್ದು ಓದಿನ ಕಡೆಗೆ ಗಮನ ಹರಿಸಬೇಕು. ವಿದ್ಯಾರ್ಥಿಗಳಿಗೆ ಬಹುಮಾನ ವಿತರಿಸಲಾಯಿತು. ಕಾಲೇಜಿನ ಉಪನ್ಯಾಸಕರು, ಸಿಬ್ಬಂದಿ, ಪೋಷಕರು ಹಾಗೂ ವಿದ್ಯಾರ್ಥಿಗಳು ಭಾಗವಹಿಸಿದ್ದರು.
ಗೊಂದಲ ಸೃಷ್ಟಿಸಿಕೊಳ್ಳಬೇಡಿ
ಪರೀಕ್ಷೆಯ ಸಮಯದಲ್ಲಿ ಯಾವುದೇ ಗೊಂದಲ ಸೃಷ್ಟಿಸಿಕೊಳ್ಳಬೇಡಿ. ಪ್ರಶ್ನೆಪತ್ರಿಕೆಯನ್ನು ಸರಿಯಾಗಿ ಓದಿ ಉತ್ತರಿಸಿ. ಸಮಯಪಾಲನೆ ಮಾಡಿ. ಪರೀಕ್ಷೆ ಕೇಂದ್ರದಲ್ಲಿ ನಿಯಮಗಳನ್ನು ಪಾಲಿಸಿ. ಆತ್ಮವಿಶ್ವಾಸದಿಂದ ಪರೀಕ್ಷೆ ಬರೆದು ಉತ್ತಮ ಅಂಕ ಗಳಿಸಿ.
ನಿಮ್ಮ ಆರೋಗ್ಯ ನಮ್ಮ ಆದ್ಯತೆ ದೃಷ್ಟಿಯಿಂದ ನಮ್ಮ ಕ್ಲಿನಿಕ್‌ಗಳ ಸ್ಥಾಪನೆಗೆ ಚಾಲನೆ
ಸರ್ಕಾರಿ ಆಸ್ಪತ್ರೆಗಳ ಉನ್ನತೀಕರಣ: ಸುಧಾಕರ್
ಚಿಂತಾಮಣಿ: ಸಾರ್ವಜನಿಕ ಆಸ್ಪತ್ರೆಗಳು ಬಡವರು, ಬಲಹೀನರು, ಅಶಕ್ತರಿಗೆ ಉತ್ತಮ ಆರೋಗ್ಯ ಸೇವೆ ಒದಗಿಸುವ ಕೇಂದ್ರಗಳಾಗಬೇಕು. ಸರ್ಕಾರಿ ಆಸ್ಪತ್ರೆಗಳನ್ನು ಉನ್ನತೀಕರಣ ಮಾಡಲಾಗುತ್ತಿದೆ ಎಂದು ಸಚಿವ ಡಾ.ಎಂ.ಸಿ.ಸುಧಾಕರ್ ತಿಳಿಸಿದರು. ನಗರದಲ್ಲಿ ನಮ್ಮ ಕ್ಲಿನಿಕ್ ಉದ್ಘಾಟಿಸಿ ಮಾತನಾಡಿದರು. ಚಿಂತಾಮಣಿಯ ಸಾರ್ವಜನಿಕ ಆಸ್ಪತ್ರೆಯನ್ನು 350 ಹಾಸಿಗೆಗಳ ಆಸ್ಪತ್ರೆಯಾಗಿ ಉನ್ನತೀಕರಿಸಲಾಗುತ್ತಿದೆ. ಆರೋಗ್ಯ ಸೇವೆ ಎಲ್ಲರಿಗೂ ಸಿಗುವಂತೆ ಮಾಡುವುದು ಸರ್ಕಾರದ ಗುರಿ. ಆಸ್ಪತ್ರೆಗೆ ಅಗತ್ಯ ವೈದ್ಯರು, ಸಿಬ್ಬಂದಿ ಹಾಗೂ ಉಪಕರಣಗಳನ್ನು ಒದಗಿಸಲಾಗುವುದು ಎಂದರು.
350 ಬೆಡ್ ವ್ಯವಸ್ಥೆ
ತುರ್ತು ಚಿಕಿತ್ಸೆ, ಹೃದಯ ಸಂಬಂಧಿ ಚಿಕಿತ್ಸೆ, ಡಯಾಲಿಸಿಸ್ ಸೇರಿದಂತೆ ವಿವಿಧ ಸೌಲಭ್ಯಗಳನ್ನು ಒಳಗೊಂಡ ಆಸ್ಪತ್ರೆ ನಿರ್ಮಾಣವಾಗಲಿದೆ. ಇದರಿಂದ ತಾಲೂಕಿನ ಜನರು ಬೆಂಗಳೂರಿಗೆ ತೆರಳುವುದು ತಪ್ಪಲಿದೆ. ತುರ್ತು ಸೇವೆಗೆ ಆಂಬ್ಯುಲೆನ್ಸ್ ವ್ಯವಸ್ಥೆ, 40 ಬೆಡ್ ಐಸಿಯು, 12 ವೆಂಟಿಲೇಟರ್ ಸೌಲಭ್ಯ ಕಲ್ಪಿಸಲಾಗುವುದು. ಚಿಂತಾಮಣಿ ಸಾರ್ವಜನಿಕ ಆಸ್ಪತ್ರೆ 350 ಬೆಡ್ ಆಸ್ಪತ್ರೆಯಾಗಿ ಮಾರ್ಪಡಲಿದೆ.
ಡಿಎಚ್‌ಒ ಮಹೇಶ್, ತಹಶೀಲ್ದಾರ್ ಸುದರ್ಶನ್ ಯಾದವ್, ಟಿಎಚ್‌ಒ ರಾಮಚಂದ್ರಾರೆಡ್ಡಿ, ನಗರಸಭೆ ಅಧ್ಯಕ್ಷ ಜಗನ್ನಾಥ್, ಪೌರಾಯುಕ್ತ ಚಲಪತಿ, ಎಪಿಎಂಸಿ ಅಧ್ಯಕ್ಷ, ಕಾಂಗ್ರೆಸ್ ಮುಖಂಡರು ಮತ್ತು ಆಸ್ಪತ್ರೆ ಸಿಬ್ಬಂದಿ ಹಾಜರಿದ್ದರು. ರಾಜಣ್ಣ, ಮುನಿರಾಜು, ಸುಬ್ಬಾರೆಡ್ಡಿ, ರಂಗಪ್ಪ, ಡಾ.ಸಂತೋಷ್, ರತ್ನಮ್ಮ, ಶಿವಪ್ಪ, ಅಂಜಿನಪ್ಪ, ಶ್ರೀನಿವಾಸ್ ಭಾಗವಹಿಸಿದ್ದರು.
●●●●	●●●●	●●●●	●●●●
